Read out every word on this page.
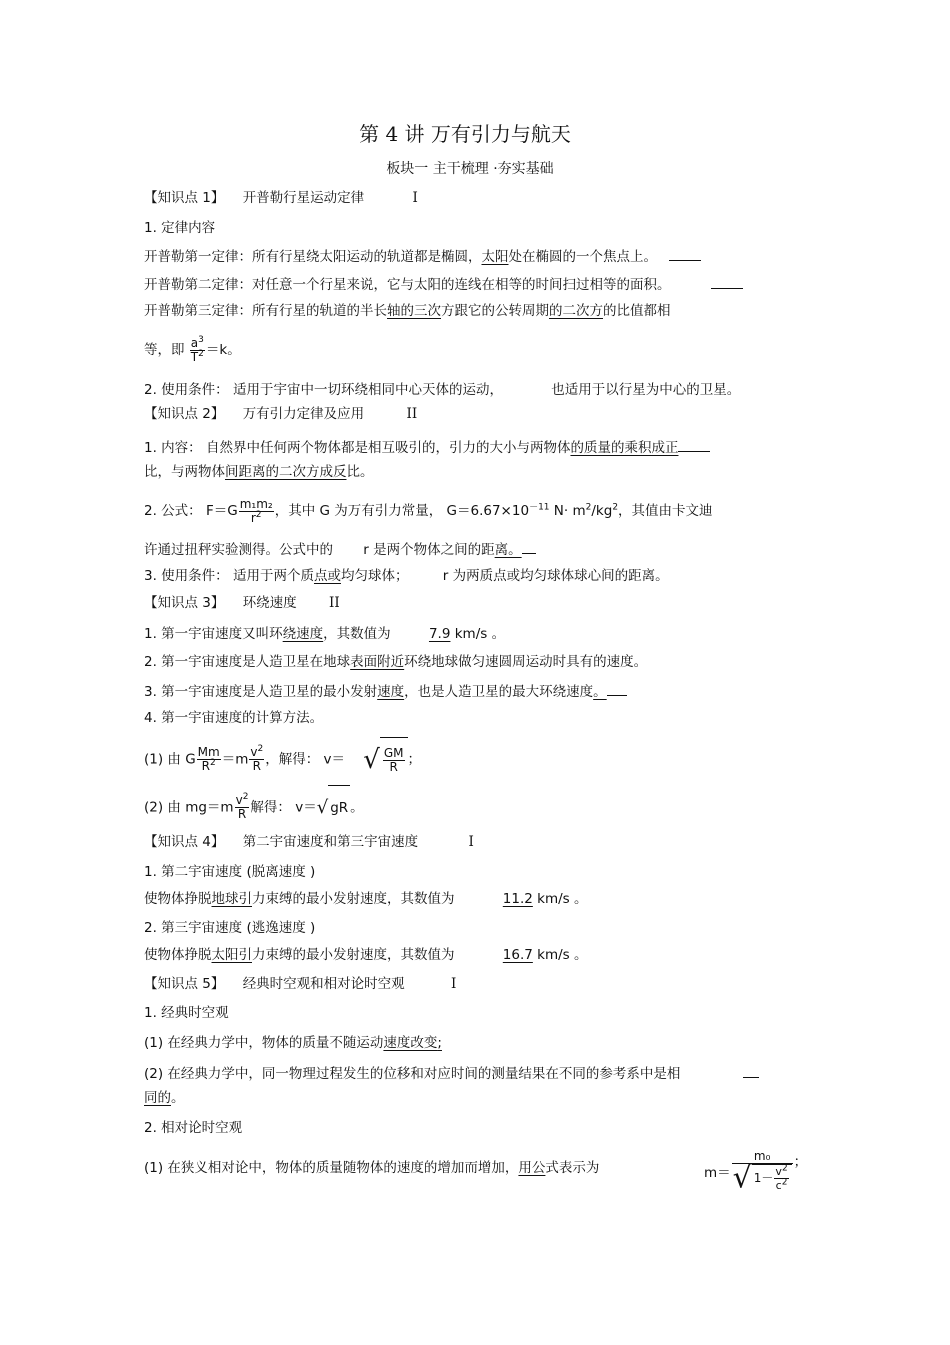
第 4 讲 万有引力与航天
板块一 主干梳理 ·夯实基础
【知识点 1】 开普勒行星运动定律	I
1. 定律内容
开普勒第一定律：所有行星绕太阳运动的轨道都是椭圆，太阳处在椭圆的一个焦点上。
开普勒第二定律：对任意一个行星来说，它与太阳的连线在相等的时间扫过相等的面积。
开普勒第三定律：所有行星的轨道的半长轴的三次方跟它的公转周期的二次方的比值都相
等，即 $\frac{a^3}{T^2} =k$。
2. 使用条件： 适用于宇宙中一切环绕相同中心天体的运动，	也适用于以行星为中心的卫星。
【知识点 2】 万有引力定律及应用	II
1. 内容： 自然界中任何两个物体都是相互吸引的，引力的大小与两物体的质量的乘积成正
比，与两物体间距离的二次方成反比。
2. 公式： $F=G \frac{\text{m₁m₂}}{r^2}$ ，其中 G 为万有引力常量， $G=6.67\times 10^{-11}$ $N\cdot m^2/kg^2$，其值由卡文迪
许通过扭秤实验测得。公式中的 r 是两个物体之间的距离。
3. 使用条件： 适用于两个质点或均匀球体；	r 为两质点或均匀球体球心间的距离。
【知识点 3】 环绕速度 II
1. 第一宇宙速度又叫环绕速度，其数值为	7.9 km/s 。
2. 第一宇宙速度是人造卫星在地球表面附近环绕地球做匀速圆周运动时具有的速度。
3. 第一宇宙速度是人造卫星的最小发射速度，也是人造卫星的最大环绕速度。
4. 第一宇宙速度的计算方法。
(1) 由 G $\frac{Mm}{R^2} =m \frac{v^2}{R}$ ，解得： v＝ √ $\frac{GM}{R}$ ；
(2) 由 $mg=m \frac{v^2}{R}$ 解得： v＝√ gR 。
【知识点 4】 第二宇宙速度和第三宇宙速度	I
1. 第二宇宙速度 (脱离速度 )
使物体挣脱地球引力束缚的最小发射速度，其数值为	11.2 km/s 。
2. 第三宇宙速度 (逃逸速度 )
使物体挣脱太阳引力束缚的最小发射速度，其数值为	16.7 km/s 。
【知识点 5】 经典时空观和相对论时空观	I
1. 经典时空观
(1) 在经典力学中，物体的质量不随运动速度改变;
(2) 在经典力学中，同一物理过程发生的位移和对应时间的测量结果在不同的参考系中是相
同的。
2. 相对论时空观
(1) 在狭义相对论中，物体的质量随物体的速度的增加而增加，用公式表示为	$m= \frac{\text{m₀}}{√ 1- \frac{v^2}{c^2}}$ ；
